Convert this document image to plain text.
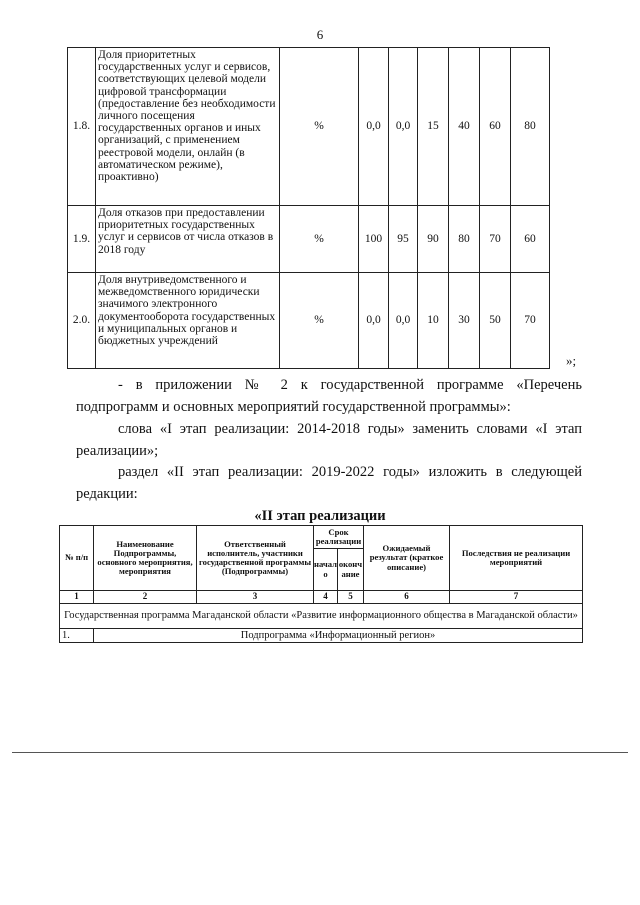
6
1.8.	Доля приоритетных государственных услуг и сервисов, соответствующих целевой модели цифровой трансформации (предоставление без необходимости личного посещения государственных органов и иных организаций, с применением реестровой модели, онлайн (в автоматическом режиме), проактивно)	%	0,0	0,0	15	40	60	80
1.9.	Доля отказов при предоставлении приоритетных государственных услуг и сервисов от числа отказов в 2018 году	%	100	95	90	80	70	60
2.0.	Доля внутриведомственного и межведомственного юридически значимого электронного документооборота государственных и муниципальных органов и бюджетных учреждений	%	0,0	0,0	10	30	50	70
»;
- в приложении № 2 к государственной программе «Перечень
подпрограмм и основных мероприятий государственной программы»:
слова «I этап реализации: 2014-2018 годы» заменить словами «I этап
реализации»;
раздел «II этап реализации: 2019-2022 годы» изложить в следующей
редакции:
«II этап реализации
№ п/п	Наименование Подпрограммы, основного мероприятия, мероприятия	Ответственный исполнитель, участники государственной программы (Подпрограммы)	Срок реализации		Ожидаемый результат (краткое описание)	Последствия не реализации мероприятий
			начал о	оконч ание		
1	2	3	4	5	6	7
Государственная программа Магаданской области «Развитие информационного общества в Магаданской области»						
1.	Подпрограмма «Информационный регион»					
